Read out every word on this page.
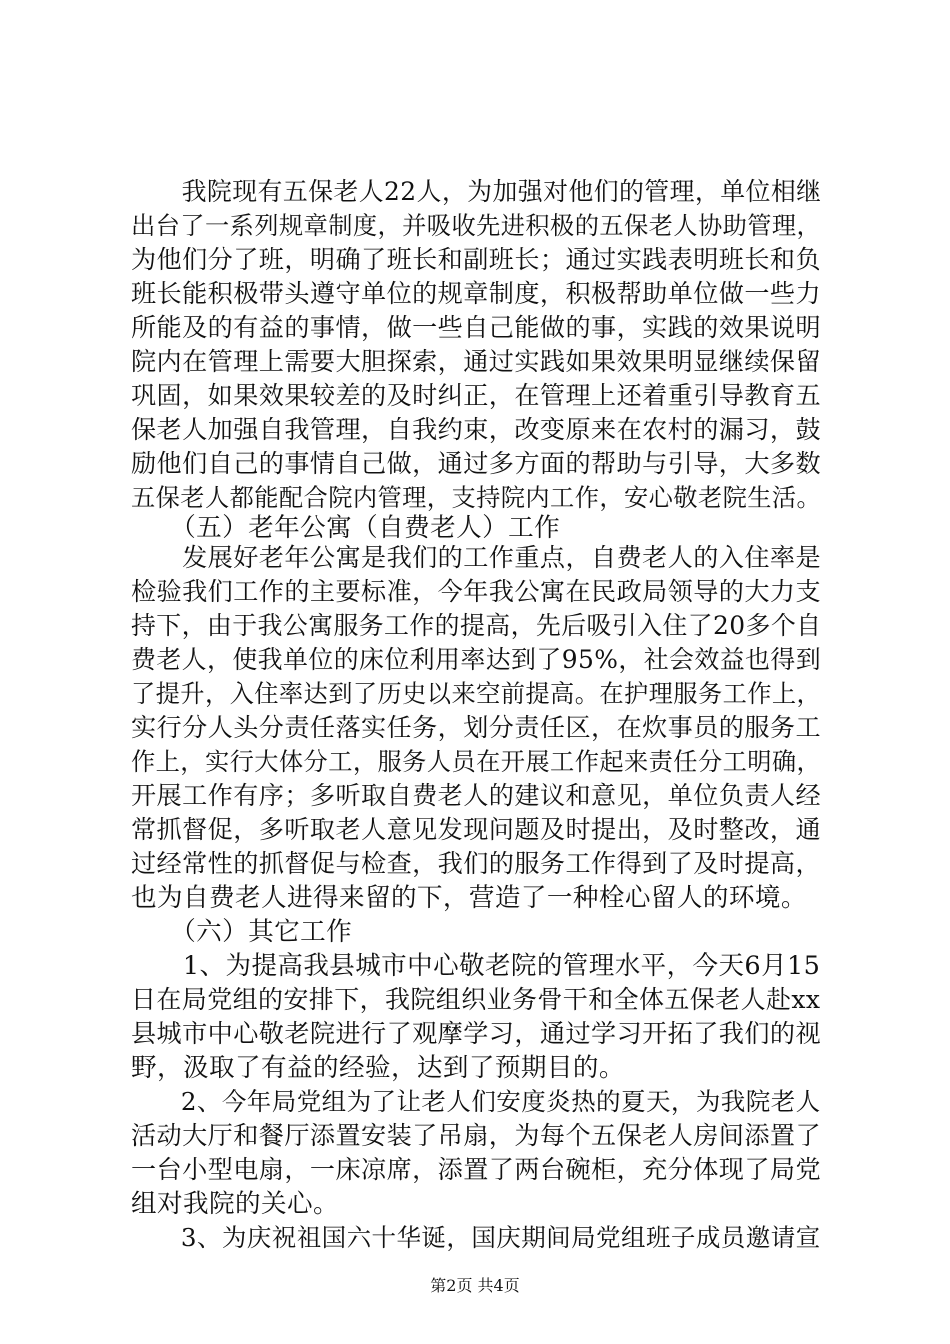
　　我院现有五保老人22人，为加强对他们的管理，单位相继
出台了一系列规章制度，并吸收先进积极的五保老人协助管理，
为他们分了班，明确了班长和副班长；通过实践表明班长和负
班长能积极带头遵守单位的规章制度，积极帮助单位做一些力
所能及的有益的事情，做一些自己能做的事，实践的效果说明
院内在管理上需要大胆探索，通过实践如果效果明显继续保留
巩固，如果效果较差的及时纠正，在管理上还着重引导教育五
保老人加强自我管理，自我约束，改变原来在农村的漏习，鼓
励他们自己的事情自己做，通过多方面的帮助与引导，大多数
五保老人都能配合院内管理，支持院内工作，安心敬老院生活。
　　（五）老年公寓（自费老人）工作
　　发展好老年公寓是我们的工作重点，自费老人的入住率是
检验我们工作的主要标准，今年我公寓在民政局领导的大力支
持下，由于我公寓服务工作的提高，先后吸引入住了20多个自
费老人，使我单位的床位利用率达到了95%，社会效益也得到
了提升，入住率达到了历史以来空前提高。在护理服务工作上，
实行分人头分责任落实任务，划分责任区，在炊事员的服务工
作上，实行大体分工，服务人员在开展工作起来责任分工明确，
开展工作有序；多听取自费老人的建议和意见，单位负责人经
常抓督促，多听取老人意见发现问题及时提出，及时整改，通
过经常性的抓督促与检查，我们的服务工作得到了及时提高，
也为自费老人进得来留的下，营造了一种栓心留人的环境。
　　（六）其它工作
　　1、为提高我县城市中心敬老院的管理水平，今天6月15
日在局党组的安排下，我院组织业务骨干和全体五保老人赴xx
县城市中心敬老院进行了观摩学习，通过学习开拓了我们的视
野，汲取了有益的经验，达到了预期目的。
　　2、今年局党组为了让老人们安度炎热的夏天，为我院老人
活动大厅和餐厅添置安装了吊扇，为每个五保老人房间添置了
一台小型电扇，一床凉席，添置了两台碗柜，充分体现了局党
组对我院的关心。
　　3、为庆祝祖国六十华诞，国庆期间局党组班子成员邀请宣
第2页 共4页
